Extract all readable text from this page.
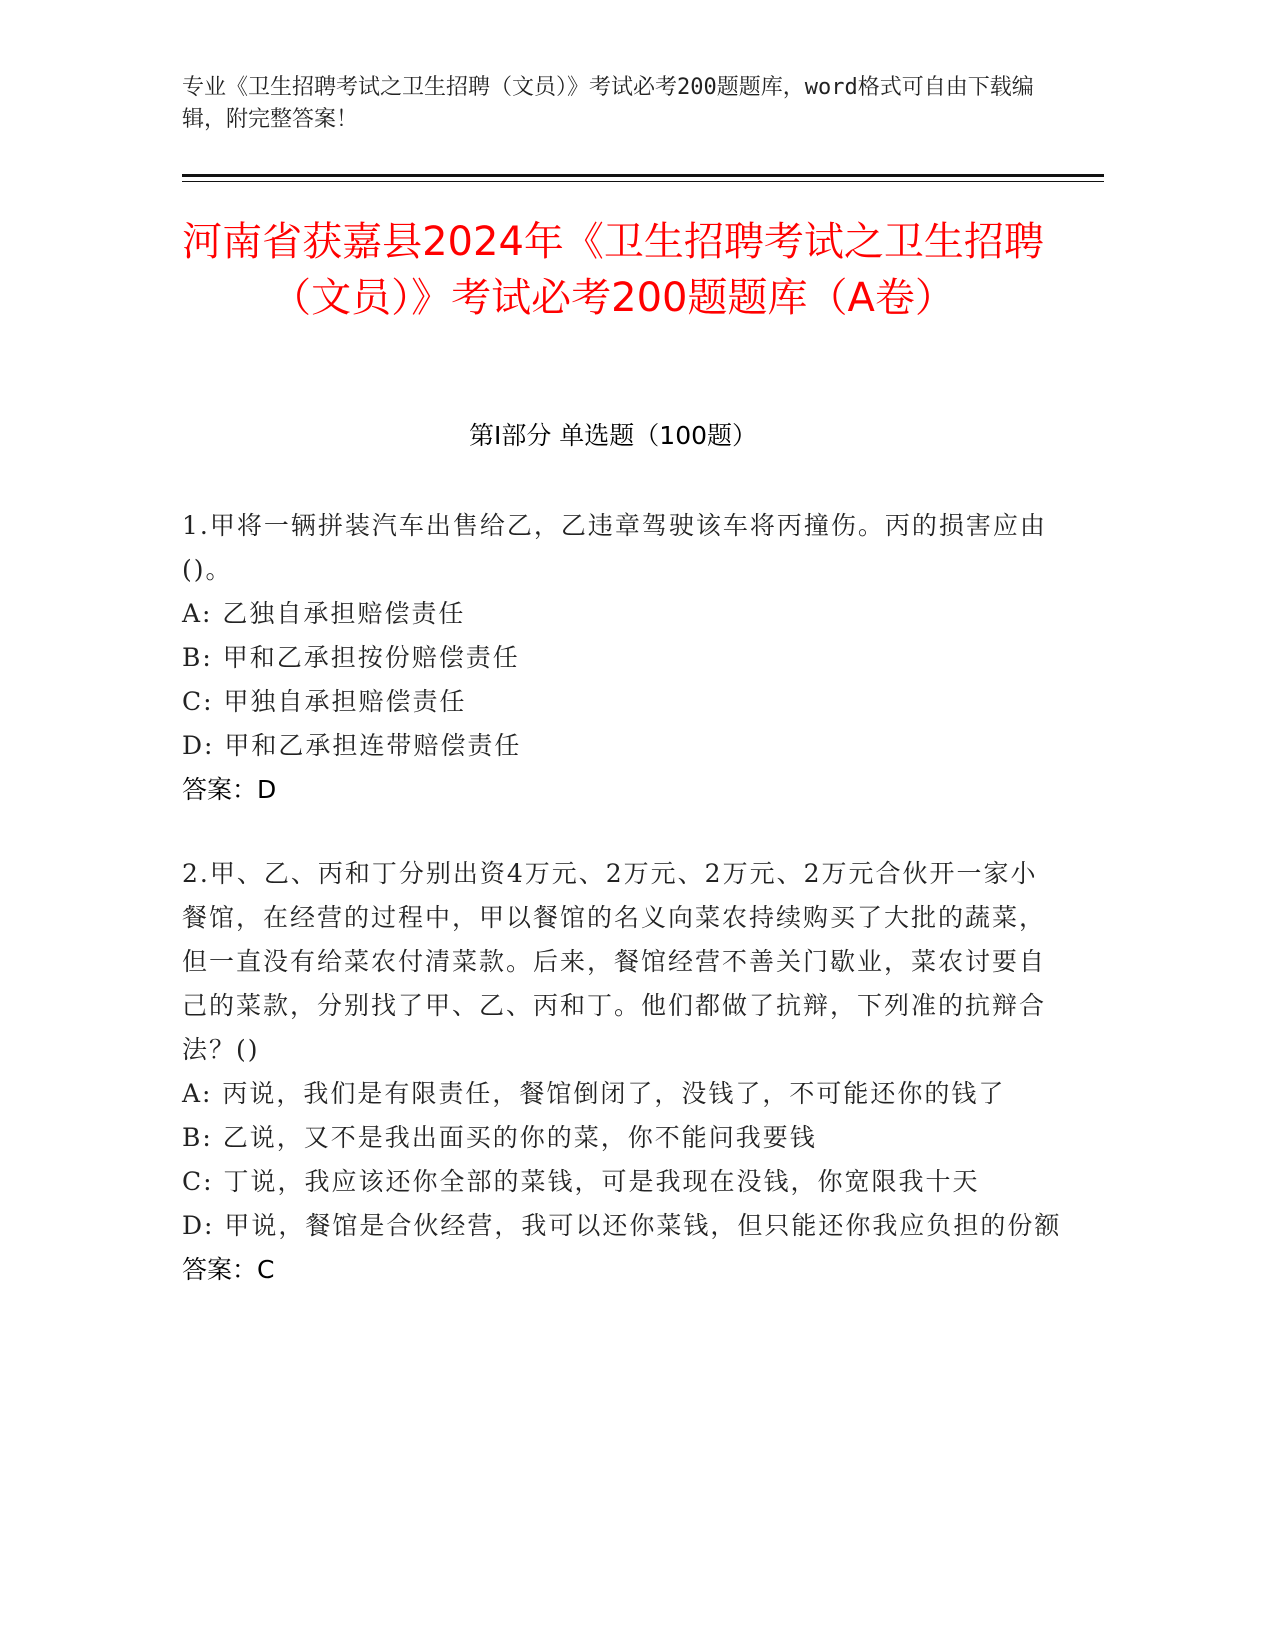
专业《卫生招聘考试之卫生招聘（文员）》考试必考200题题库，word格式可自由下载编辑，附完整答案！
河南省获嘉县2024年《卫生招聘考试之卫生招聘（文员）》考试必考200题题库（A卷）
第I部分 单选题（100题）
1.甲将一辆拼装汽车出售给乙，乙违章驾驶该车将丙撞伤。丙的损害应由()。
A: 乙独自承担赔偿责任
B: 甲和乙承担按份赔偿责任
C: 甲独自承担赔偿责任
D: 甲和乙承担连带赔偿责任
答案：D
2.甲、乙、丙和丁分别出资4万元、2万元、2万元、2万元合伙开一家小餐馆，在经营的过程中，甲以餐馆的名义向菜农持续购买了大批的蔬菜，但一直没有给菜农付清菜款。后来，餐馆经营不善关门歇业，菜农讨要自己的菜款，分别找了甲、乙、丙和丁。他们都做了抗辩，下列准的抗辩合法？()
A: 丙说，我们是有限责任，餐馆倒闭了，没钱了，不可能还你的钱了
B: 乙说，又不是我出面买的你的菜，你不能问我要钱
C: 丁说，我应该还你全部的菜钱，可是我现在没钱，你宽限我十天
D: 甲说，餐馆是合伙经营，我可以还你菜钱，但只能还你我应负担的份额
答案：C
